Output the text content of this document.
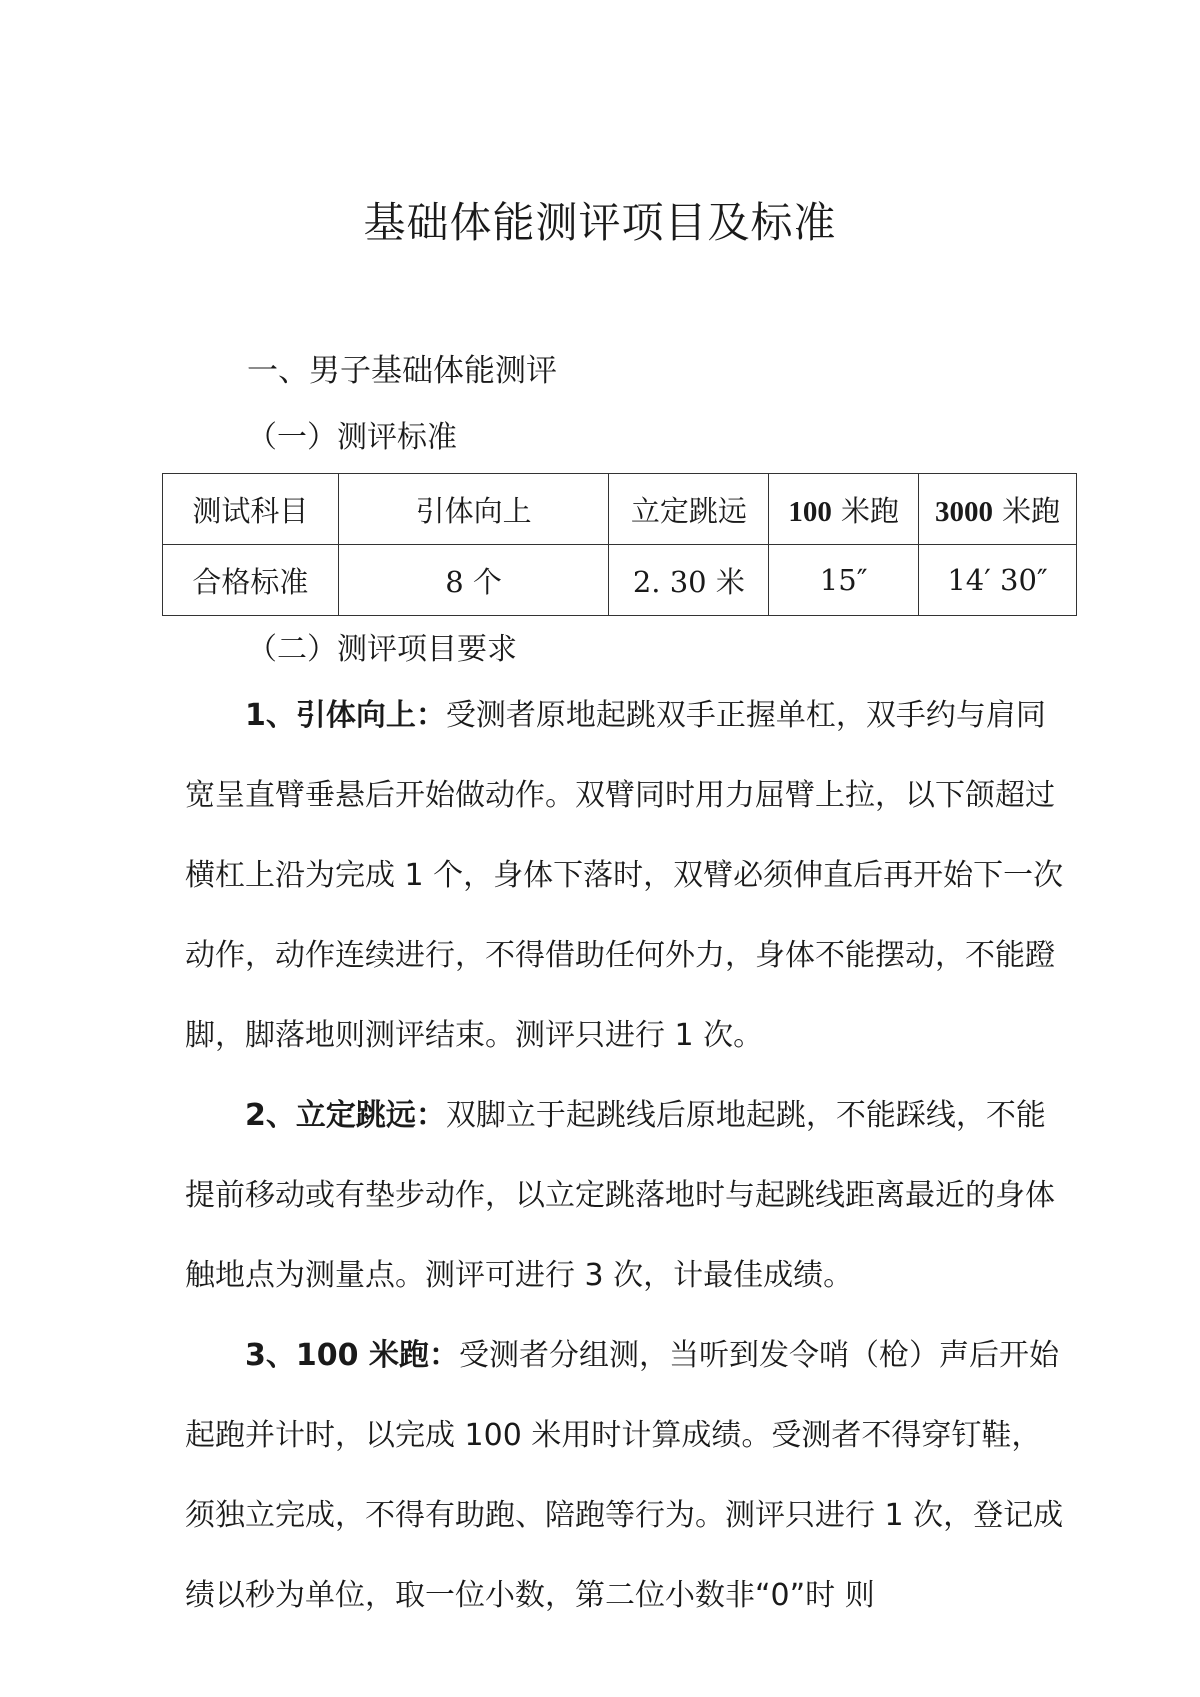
基础体能测评项目及标准
一、男子基础体能测评
（一）测评标准
测试科目	引体向上	立定跳远	100 米跑	3000 米跑
合格标准	8 个	2. 30 米	15″	14′ 30″
（二）测评项目要求

1、引体向上：受测者原地起跳双手正握单杠，双手约与肩同宽呈直臂垂悬后开始做动作。双臂同时用力屈臂上拉，以下颌超过横杠上沿为完成 1 个，身体下落时，双臂必须伸直后再开始下一次动作，动作连续进行，不得借助任何外力，身体不能摆动，不能蹬脚，脚落地则测评结束。测评只进行 1 次。

2、立定跳远：双脚立于起跳线后原地起跳，不能踩线，不能提前移动或有垫步动作，以立定跳落地时与起跳线距离最近的身体触地点为测量点。测评可进行 3 次，计最佳成绩。

3、100 米跑：受测者分组测，当听到发令哨（枪）声后开始起跑并计时，以完成 100 米用时计算成绩。受测者不得穿钉鞋，须独立完成，不得有助跑、陪跑等行为。测评只进行 1 次，登记成绩以秒为单位，取一位小数，第二位小数非“0”时 则
